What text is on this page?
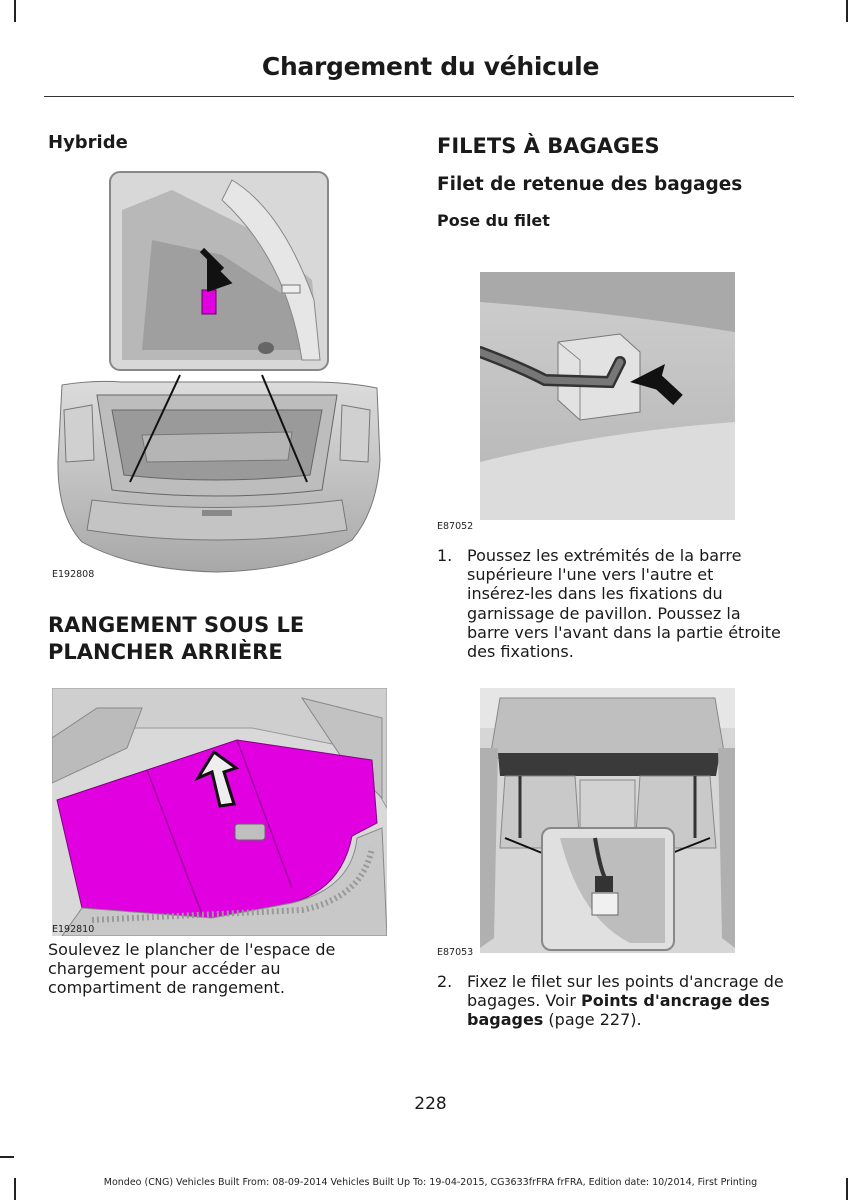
Chargement du véhicule
Hybride
E192808
RANGEMENT SOUS LE
PLANCHER ARRIÈRE
E192810
Soulevez le plancher de l'espace de
chargement pour accéder au
compartiment de rangement.
FILETS À BAGAGES
Filet de retenue des bagages
Pose du filet
E87052
1. Poussez les extrémités de la barre
supérieure l'une vers l'autre et
insérez-les dans les fixations du
garnissage de pavillon. Poussez la
barre vers l'avant dans la partie étroite
des fixations.
E87053
2. Fixez le filet sur les points d'ancrage de
bagages. Voir Points d'ancrage des
bagages (page 227).
228
Mondeo (CNG) Vehicles Built From: 08-09-2014 Vehicles Built Up To: 19-04-2015, CG3633frFRA frFRA, Edition date: 10/2014, First Printing
